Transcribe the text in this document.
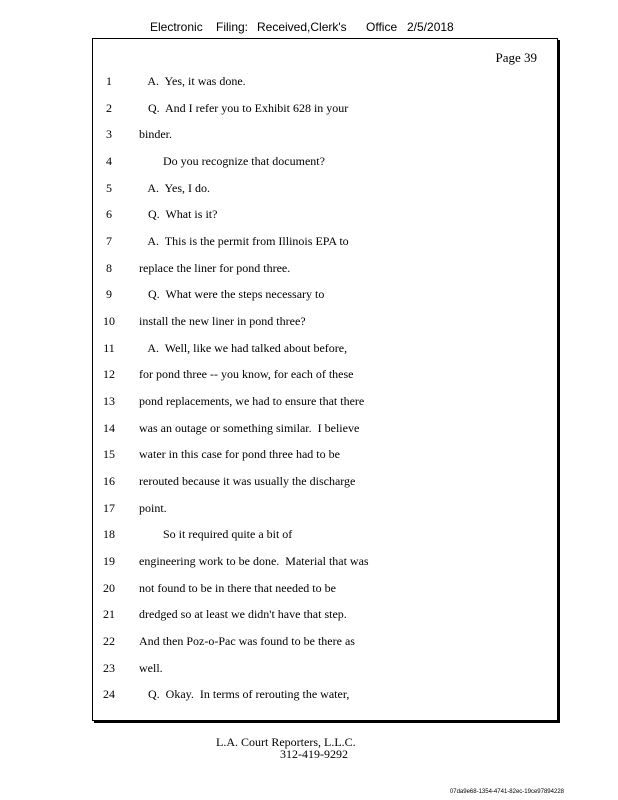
Electronic Filing: Received,Clerk's Office 2/5/2018
Page 39
1	A.  Yes, it was done.
2	Q.  And I refer you to Exhibit 628 in your
3	binder.
4	Do you recognize that document?
5	A.  Yes, I do.
6	Q.  What is it?
7	A.  This is the permit from Illinois EPA to
8	replace the liner for pond three.
9	Q.  What were the steps necessary to
10	install the new liner in pond three?
11	A.  Well, like we had talked about before,
12	for pond three -- you know, for each of these
13	pond replacements, we had to ensure that there
14	was an outage or something similar.  I believe
15	water in this case for pond three had to be
16	rerouted because it was usually the discharge
17	point.
18	So it required quite a bit of
19	engineering work to be done.  Material that was
20	not found to be in there that needed to be
21	dredged so at least we didn't have that step.
22	And then Poz-o-Pac was found to be there as
23	well.
24	Q.  Okay.  In terms of rerouting the water,
L.A. Court Reporters, L.L.C.
312-419-9292
07da9e68-1354-4741-82ec-19ce97894228
